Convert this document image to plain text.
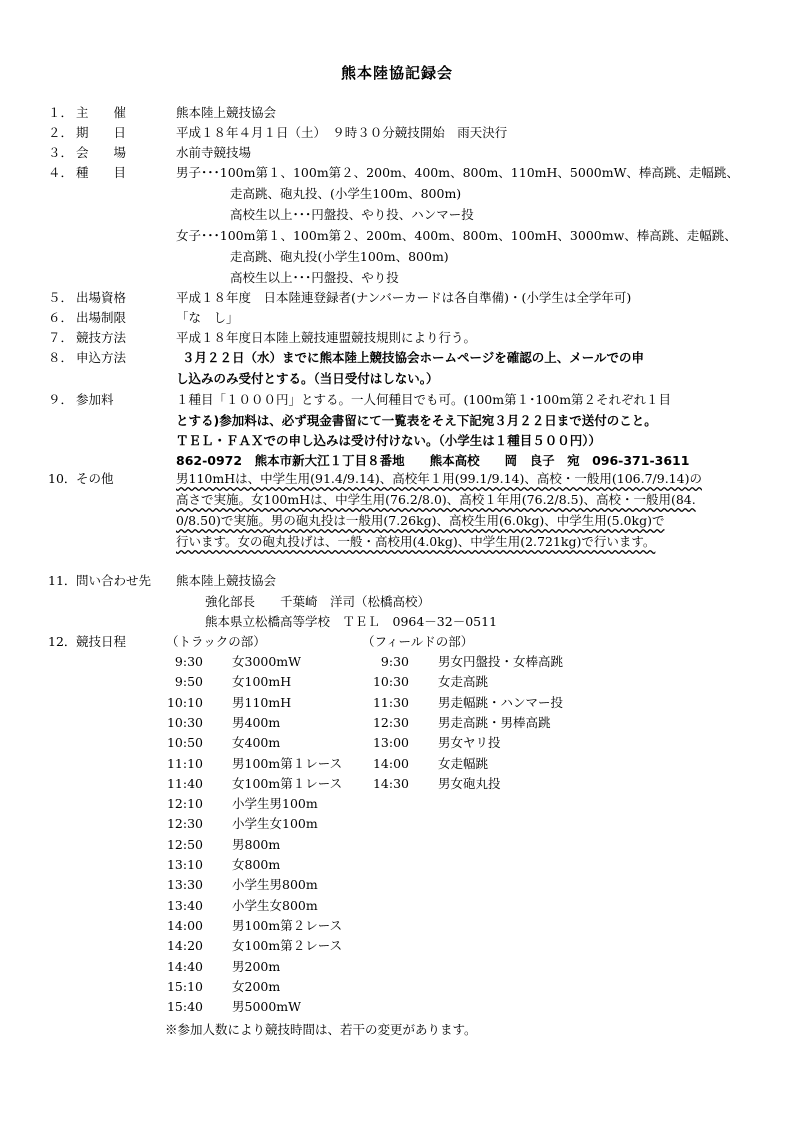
熊本陸協記録会
１． 主　　催	熊本陸上競技協会
２． 期　　日	平成１８年４月１日（土）　９時３０分競技開始　雨天決行
３． 会　　場	水前寺競技場
４． 種　　目	男子･･･100m第１、100m第２、200m、400m、800m、110mH、5000mW、棒高跳、走幅跳、
走高跳、砲丸投、(小学生100m、800m)
高校生以上･･･円盤投、やり投、ハンマー投
女子･･･100m第１、100m第２、200m、400m、800m、100mH、3000mw、棒高跳、走幅跳、
走高跳、砲丸投(小学生100m、800m)
高校生以上･･･円盤投、やり投
５． 出場資格	平成１８年度　日本陸連登録者(ナンバーカードは各自準備)・(小学生は全学年可)
６． 出場制限	「な　し」
７． 競技方法	平成１８年度日本陸上競技連盟競技規則により行う。
８． 申込方法	３月２２日（水）までに熊本陸上競技協会ホームページを確認の上、メールでの申
し込みのみ受付とする。（当日受付はしない。）
９． 参加料	１種目「１０００円」とする。一人何種目でも可。(100m第１･100m第２それぞれ１目
とする)参加料は、必ず現金書留にて一覧表をそえ下記宛３月２２日まで送付のこと。
ＴＥＬ・ＦＡＸでの申し込みは受け付けない。（小学生は１種目５００円））
862-0972　熊本市新大江１丁目８番地　　熊本高校　　岡　良子　宛　096-371-3611
10． その他	男110mHは、中学生用(91.4/9.14)、高校年１用(99.1/9.14)、高校・一般用(106.7/9.14)の
高さで実施。女100mHは、中学生用(76.2/8.0)、高校１年用(76.2/8.5)、高校・一般用(84.
0/8.50)で実施。男の砲丸投は一般用(7.26kg)、高校生用(6.0kg)、中学生用(5.0kg)で
行います。女の砲丸投げは、一般・高校用(4.0kg)、中学生用(2.721kg)で行います。
11． 問い合わせ先 熊本陸上競技協会
強化部長　　千葉崎　洋司（松橋高校）
熊本県立松橋高等学校　ＴＥＬ　0964－32－0511
12． 競技日程	（トラックの部）	（フィールドの部）
※参加人数により競技時間は、若干の変更があります。
9:30 女3000mW
9:50 女100mH
10:10 男110mH
10:30 男400m
10:50 女400m
11:10 男100m第１レース
11:40 女100m第１レース
12:10 小学生男100m
12:30 小学生女100m
12:50 男800m
13:10 女800m
13:30 小学生男800m
13:40 小学生女800m
14:00 男100m第２レース
14:20 女100m第２レース
14:40 男200m
15:10 女200m
15:40 男5000mW
9:30 男女円盤投・女棒高跳
10:30 女走高跳
11:30 男走幅跳・ハンマー投
12:30 男走高跳・男棒高跳
13:00 男女ヤリ投
14:00 女走幅跳
14:30 男女砲丸投
